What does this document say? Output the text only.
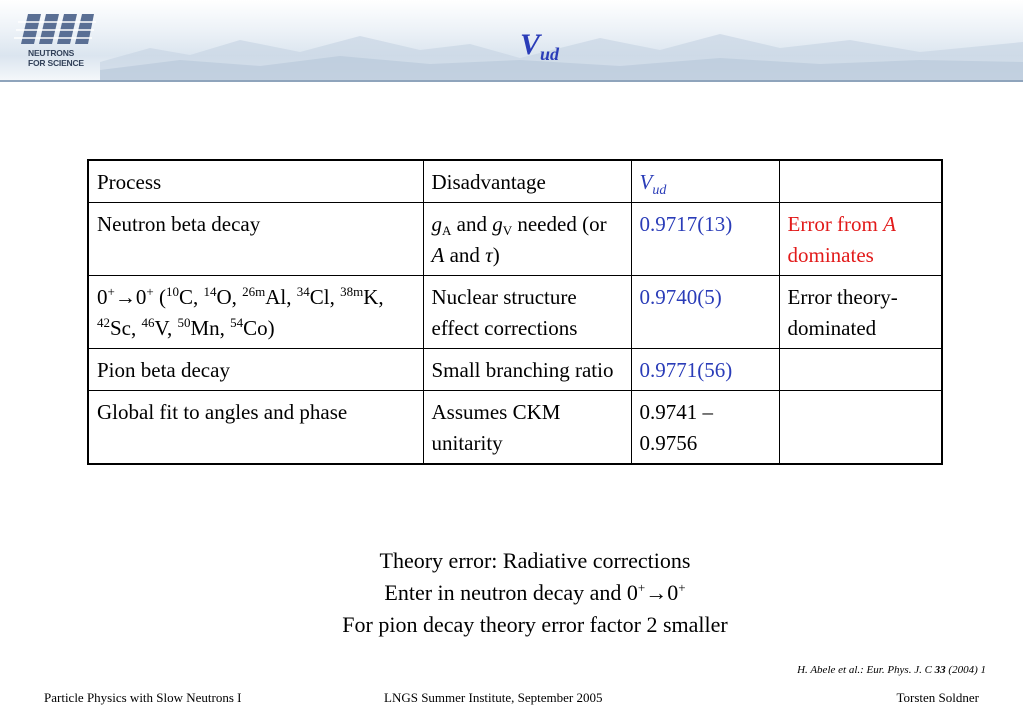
NEUTRONS
FOR SCIENCE
$V_{ud}$
Process	Disadvantage	$V_{ud}$	
Neutron beta decay	$g_A$ and $g_V$ needed (or A and τ)	0.9717(13)	Error from A dominates
0+→0+ ($^{10}$C, $^{14}$O, $^{26m}$Al, $^{34}$Cl, $^{38m}$K, $^{42}$Sc, $^{46}$V, $^{50}$Mn, $^{54}$Co)	Nuclear structure effect corrections	0.9740(5)	Error theory-dominated
Pion beta decay	Small branching ratio	0.9771(56)	
Global fit to angles and phase	Assumes CKM unitarity	0.9741 – 0.9756	
Theory error: Radiative corrections
Enter in neutron decay and 0+→0+
For pion decay theory error factor 2 smaller
H. Abele et al.: Eur. Phys. J. C 33 (2004) 1
Particle Physics with Slow Neutrons I	LNGS Summer Institute, September 2005	Torsten Soldner
